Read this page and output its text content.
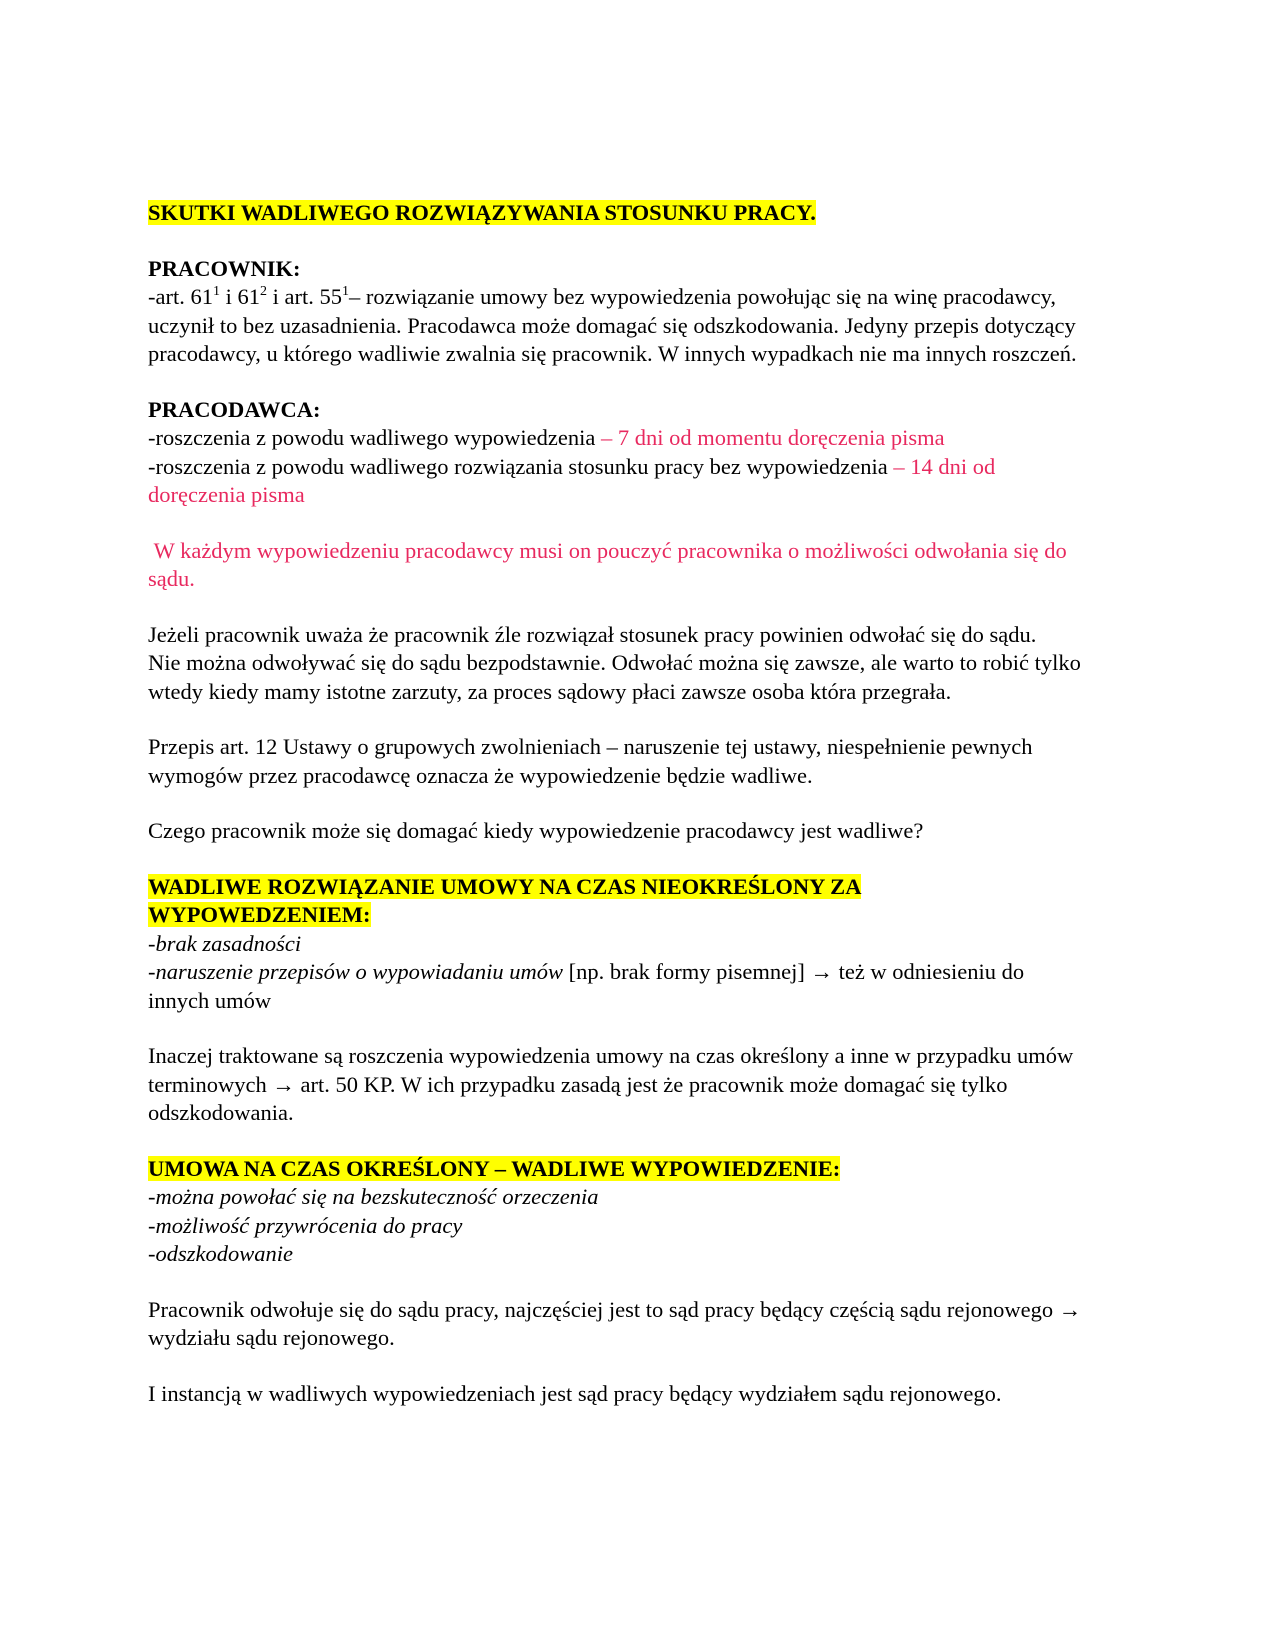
SKUTKI WADLIWEGO ROZWIĄZYWANIA STOSUNKU PRACY.

PRACOWNIK:

-art. $61^1$ i $61^2$ i art. $55^1-$ rozwiązanie umowy bez wypowiedzenia powołując się na winę pracodawcy, uczynił to bez uzasadnienia. Pracodawca może domagać się odszkodowania. Jedyny przepis dotyczący pracodawcy, u którego wadliwie zwalnia się pracownik. W innych wypadkach nie ma innych roszczeń.

PRACODAWCA:

-roszczenia z powodu wadliwego wypowiedzenia – 7 dni od momentu doręczenia pisma

-roszczenia z powodu wadliwego rozwiązania stosunku pracy bez wypowiedzenia – 14 dni od doręczenia pisma

W każdym wypowiedzeniu pracodawcy musi on pouczyć pracownika o możliwości odwołania się do sądu.

Jeżeli pracownik uważa że pracownik źle rozwiązał stosunek pracy powinien odwołać się do sądu.

Nie można odwoływać się do sądu bezpodstawnie. Odwołać można się zawsze, ale warto to robić tylko wtedy kiedy mamy istotne zarzuty, za proces sądowy płaci zawsze osoba która przegrała.

Przepis art. 12 Ustawy o grupowych zwolnieniach – naruszenie tej ustawy, niespełnienie pewnych wymogów przez pracodawcę oznacza że wypowiedzenie będzie wadliwe.

Czego pracownik może się domagać kiedy wypowiedzenie pracodawcy jest wadliwe?

WADLIWE ROZWIĄZANIE UMOWY NA CZAS NIEOKREŚLONY ZA
WYPOWEDZENIEM:

-brak zasadności

-naruszenie przepisów o wypowiadaniu umów [np. brak formy pisemnej] → też w odniesieniu do innych umów

Inaczej traktowane są roszczenia wypowiedzenia umowy na czas określony a inne w przypadku umów terminowych → art. 50 KP. W ich przypadku zasadą jest że pracownik może domagać się tylko odszkodowania.

UMOWA NA CZAS OKREŚLONY – WADLIWE WYPOWIEDZENIE:

-można powołać się na bezskuteczność orzeczenia

-możliwość przywrócenia do pracy

-odszkodowanie

Pracownik odwołuje się do sądu pracy, najczęściej jest to sąd pracy będący częścią sądu rejonowego → wydziału sądu rejonowego.

I instancją w wadliwych wypowiedzeniach jest sąd pracy będący wydziałem sądu rejonowego.
